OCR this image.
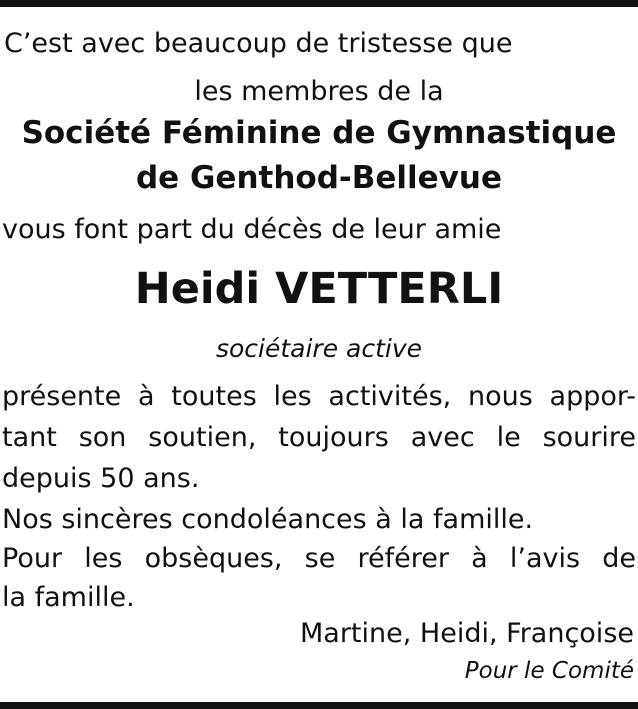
C’est avec beaucoup de tristesse que

les membres de la

Société Féminine de Gymnastique

de Genthod-Bellevue

vous font part du décès de leur amie

Heidi VETTERLI

sociétaire active

présente à toutes les activités, nous appor-

tant son soutien, toujours avec le sourire

depuis 50 ans.

Nos sincères condoléances à la famille.

Pour les obsèques, se référer à l’avis de

la famille.

Martine, Heidi, Françoise

Pour le Comité
